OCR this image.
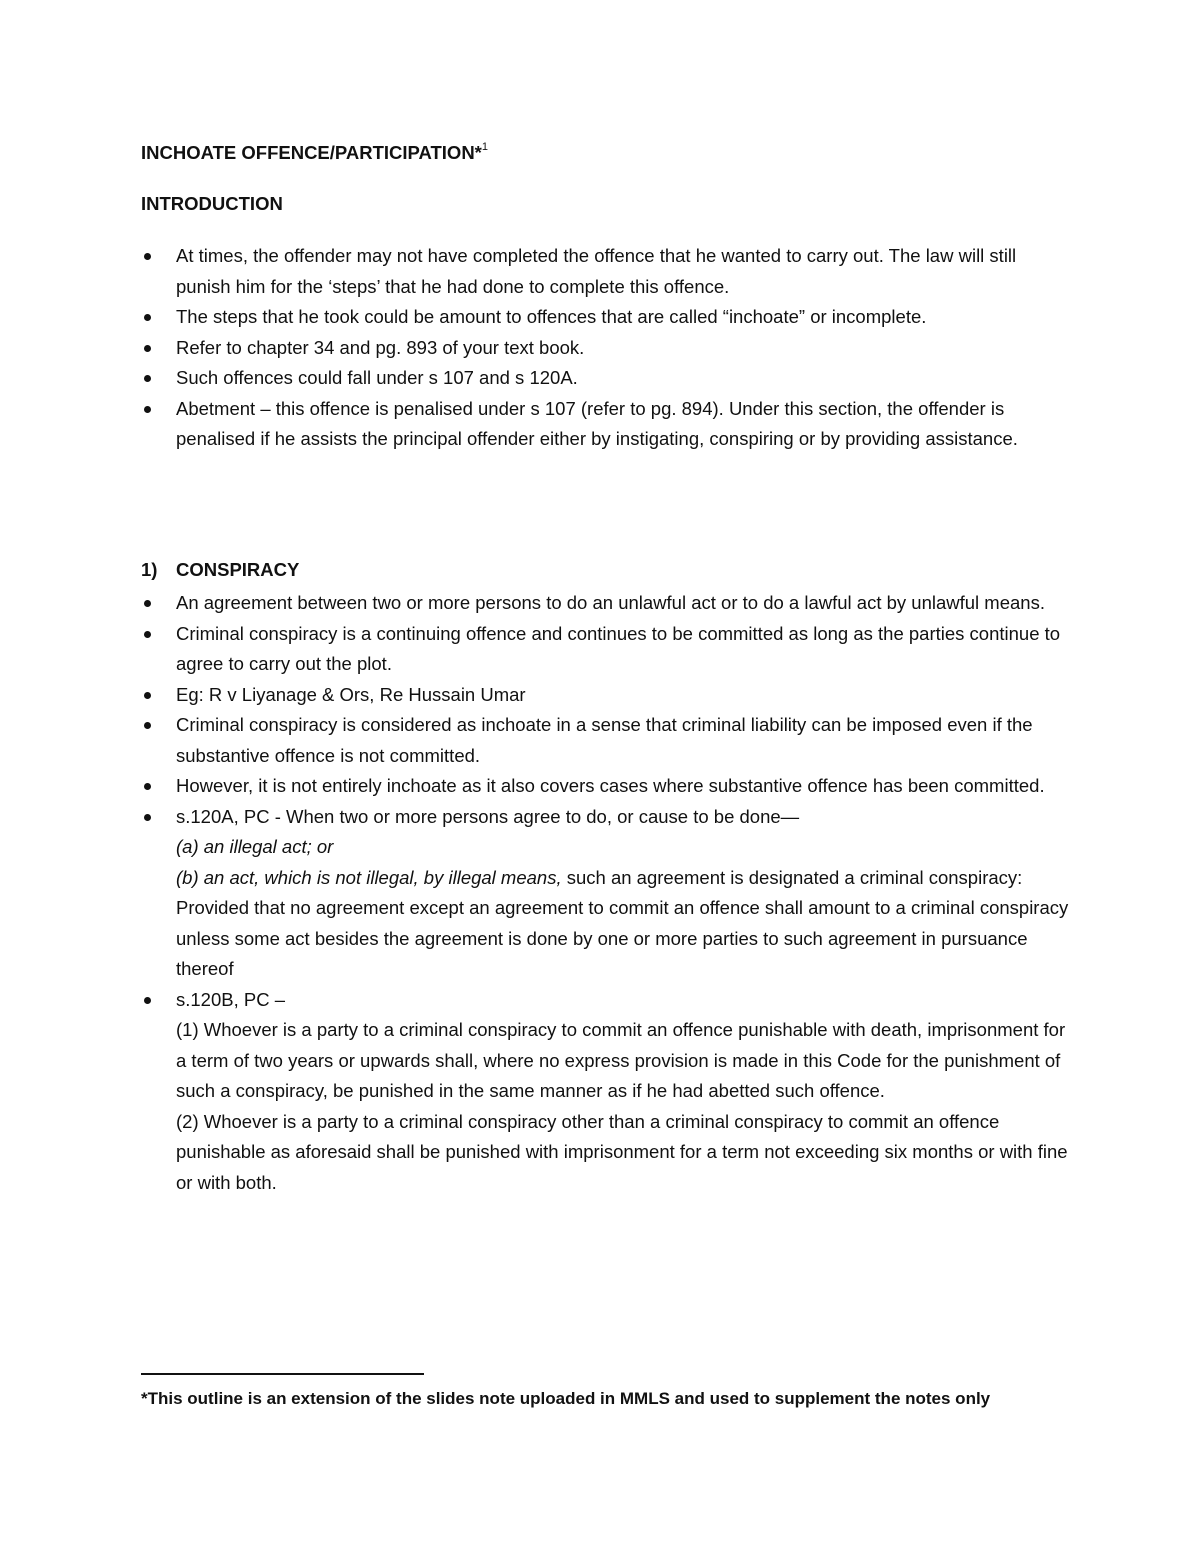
INCHOATE OFFENCE/PARTICIPATION*$^1$
INTRODUCTION
At times, the offender may not have completed the offence that he wanted to carry out. The law will still punish him for the ‘steps’ that he had done to complete this offence.
The steps that he took could be amount to offences that are called “inchoate” or incomplete.
Refer to chapter 34 and pg. 893 of your text book.
Such offences could fall under s 107 and s 120A.
Abetment – this offence is penalised under s 107 (refer to pg. 894). Under this section, the offender is penalised if he assists the principal offender either by instigating, conspiring or by providing assistance.
1) CONSPIRACY
An agreement between two or more persons to do an unlawful act or to do a lawful act by unlawful means.
Criminal conspiracy is a continuing offence and continues to be committed as long as the parties continue to agree to carry out the plot.
Eg: R v Liyanage & Ors, Re Hussain Umar
Criminal conspiracy is considered as inchoate in a sense that criminal liability can be imposed even if the substantive offence is not committed.
However, it is not entirely inchoate as it also covers cases where substantive offence has been committed.
s.120A, PC - When two or more persons agree to do, or cause to be done—
(a) an illegal act; or
(b) an act, which is not illegal, by illegal means, such an agreement is designated a criminal conspiracy:
Provided that no agreement except an agreement to commit an offence shall amount to a criminal conspiracy unless some act besides the agreement is done by one or more parties to such agreement in pursuance thereof
s.120B, PC –
(1) Whoever is a party to a criminal conspiracy to commit an offence punishable with death, imprisonment for a term of two years or upwards shall, where no express provision is made in this Code for the punishment of such a conspiracy, be punished in the same manner as if he had abetted such offence.
(2) Whoever is a party to a criminal conspiracy other than a criminal conspiracy to commit an offence punishable as aforesaid shall be punished with imprisonment for a term not exceeding six months or with fine or with both.
*This outline is an extension of the slides note uploaded in MMLS and used to supplement the notes only
